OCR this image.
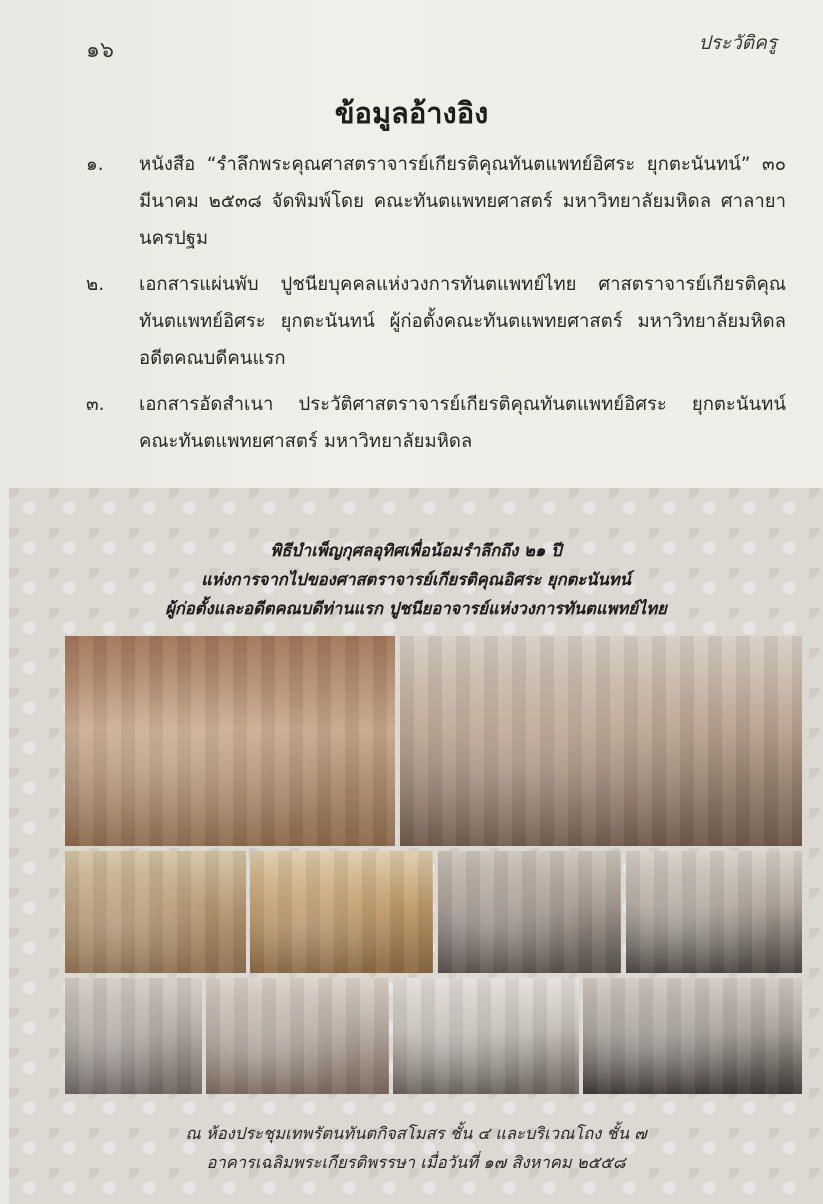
๑๖	ประวัติครู
ข้อมูลอ้างอิง
๑. หนังสือ “รำลึกพระคุณศาสตราจารย์เกียรติคุณทันตแพทย์อิศระ ยุกตะนันทน์” ๓๐ มีนาคม ๒๕๓๘ จัดพิมพ์โดย คณะทันตแพทยศาสตร์ มหาวิทยาลัยมหิดล ศาลายา นครปฐม
๒. เอกสารแผ่นพับ ปูชนียบุคคลแห่งวงการทันตแพทย์ไทย ศาสตราจารย์เกียรติคุณทันตแพทย์อิศระ ยุกตะนันทน์ ผู้ก่อตั้งคณะทันตแพทยศาสตร์ มหาวิทยาลัยมหิดล อดีตคณบดีคนแรก
๓. เอกสารอัดสำเนา ประวัติศาสตราจารย์เกียรติคุณทันตแพทย์อิศระ ยุกตะนันทน์ คณะทันตแพทยศาสตร์ มหาวิทยาลัยมหิดล
พิธีบำเพ็ญกุศลอุทิศเพื่อน้อมรำลึกถึง ๒๑ ปี
แห่งการจากไปของศาสตราจารย์เกียรติคุณอิศระ ยุกตะนันทน์
ผู้ก่อตั้งและอดีตคณบดีท่านแรก ปูชนียอาจารย์แห่งวงการทันตแพทย์ไทย
ณ ห้องประชุมเทพรัตนทันตกิจสโมสร ชั้น ๔ และบริเวณโถง ชั้น ๗
อาคารเฉลิมพระเกียรติพรรษา เมื่อวันที่ ๑๗ สิงหาคม ๒๕๕๘
